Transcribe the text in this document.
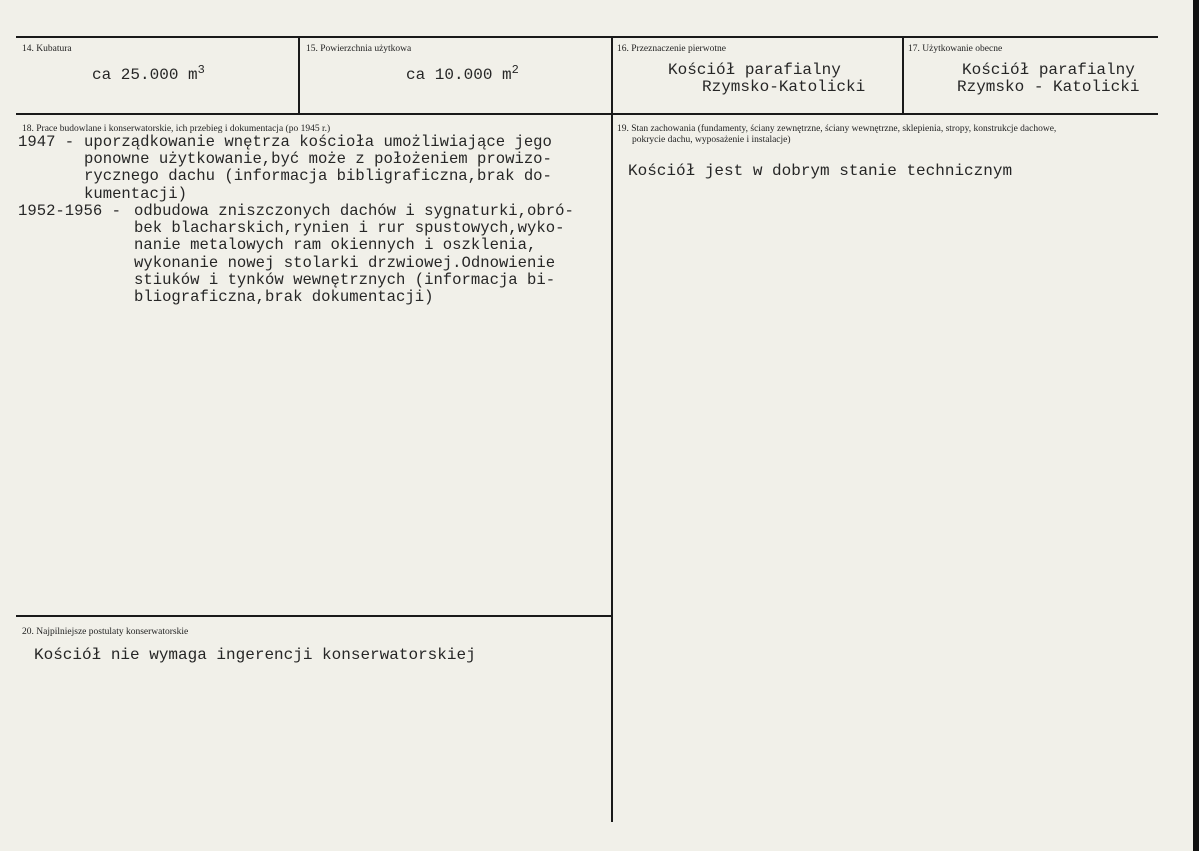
14. Kubatura
ca 25.000 $m^3$
15. Powierzchnia użytkowa
ca 10.000 $m^2$
16. Przeznaczenie pierwotne
Kościół parafialny
Rzymsko-Katolicki
17. Użytkowanie obecne
Kościół parafialny
Rzymsko - Katolicki
18. Prace budowlane i konserwatorskie, ich przebieg i dokumentacja (po 1945 r.)
1947 - uporządkowanie wnętrza kościoła umożliwiające jego
ponowne użytkowanie,być może z położeniem prowizo-
rycznego dachu (informacja bibligraficzna,brak do-
kumentacji)
1952-1956 - odbudowa zniszczonych dachów i sygnaturki,obró-
bek blacharskich,rynien i rur spustowych,wyko-
nanie metalowych ram okiennych i oszklenia,
wykonanie nowej stolarki drzwiowej.Odnowienie
stiuków i tynków wewnętrznych (informacja bi-
bliograficzna,brak dokumentacji)
19. Stan zachowania (fundamenty, ściany zewnętrzne, ściany wewnętrzne, sklepienia, stropy, konstrukcje dachowe,
pokrycie dachu, wyposażenie i instalacje)
Kościół jest w dobrym stanie technicznym
20. Najpilniejsze postulaty konserwatorskie
Kościół nie wymaga ingerencji konserwatorskiej
